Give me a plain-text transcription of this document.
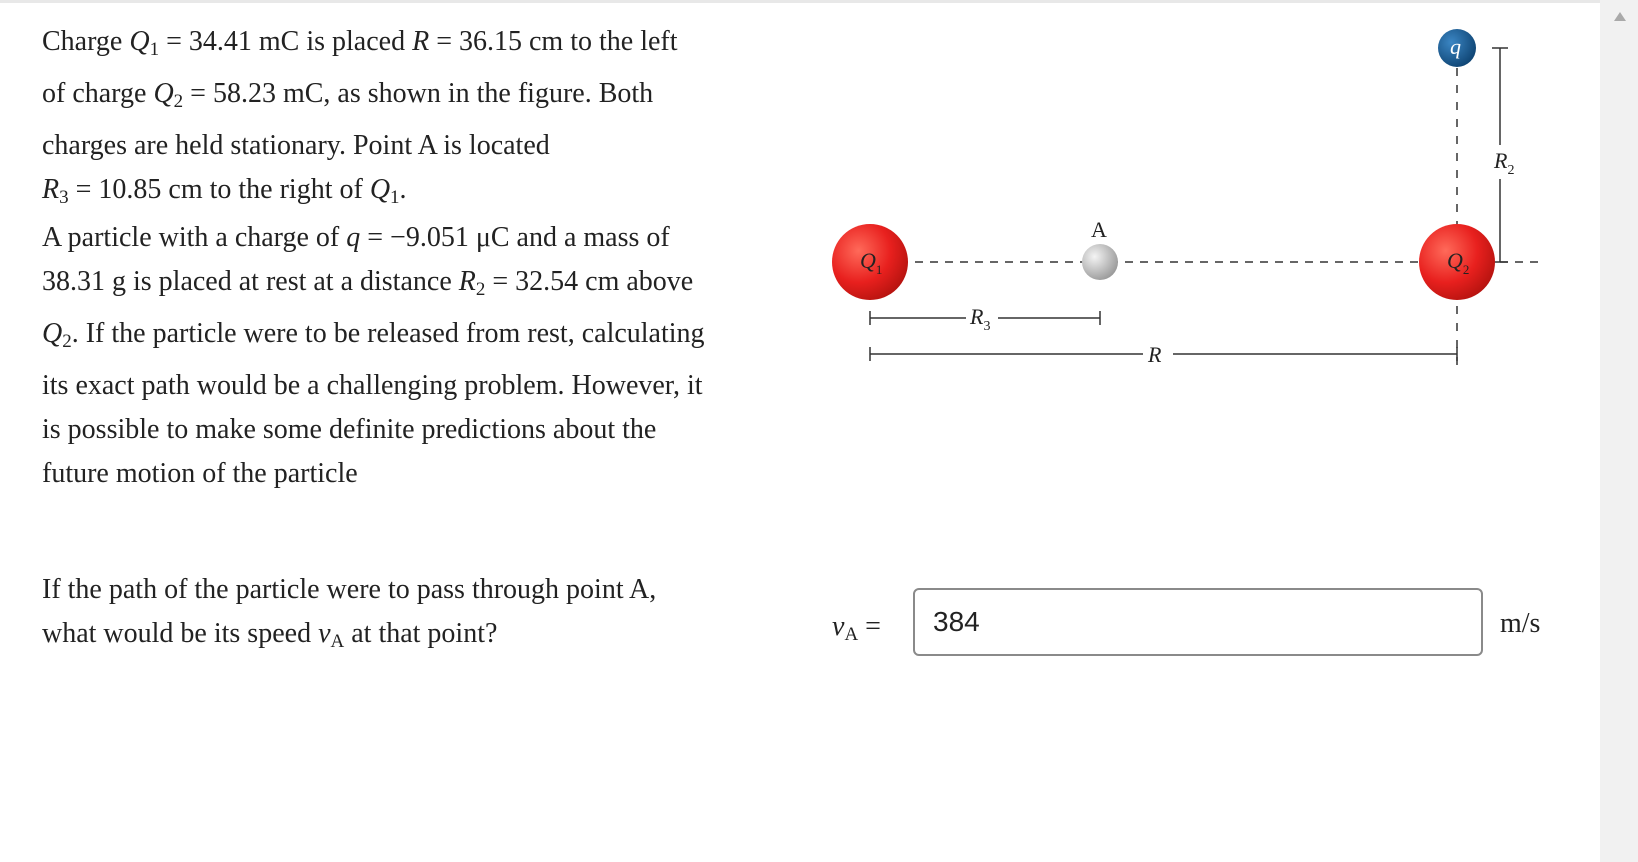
Charge $Q_1 = 34.41$ mC is placed R = 36.15 cm to the left
of charge $Q_2 = 58.23$ mC, as shown in the figure. Both
charges are held stationary. Point A is located
$R_3 = 10.85$ cm to the right of $Q_1$.
A particle with a charge of q = −9.051 μC and a mass of
38.31 g is placed at rest at a distance $R_2 = 32.54$ cm above
$Q_2$. If the particle were to be released from rest, calculating
its exact path would be a challenging problem. However, it
is possible to make some definite predictions about the
future motion of the particle
If the path of the particle were to pass through point A,
what would be its speed $v_A$ at that point?
$R_2$
$R_3$
R
$Q_1$
A
$Q_2$
q
$v_A$ =
384	m/s
